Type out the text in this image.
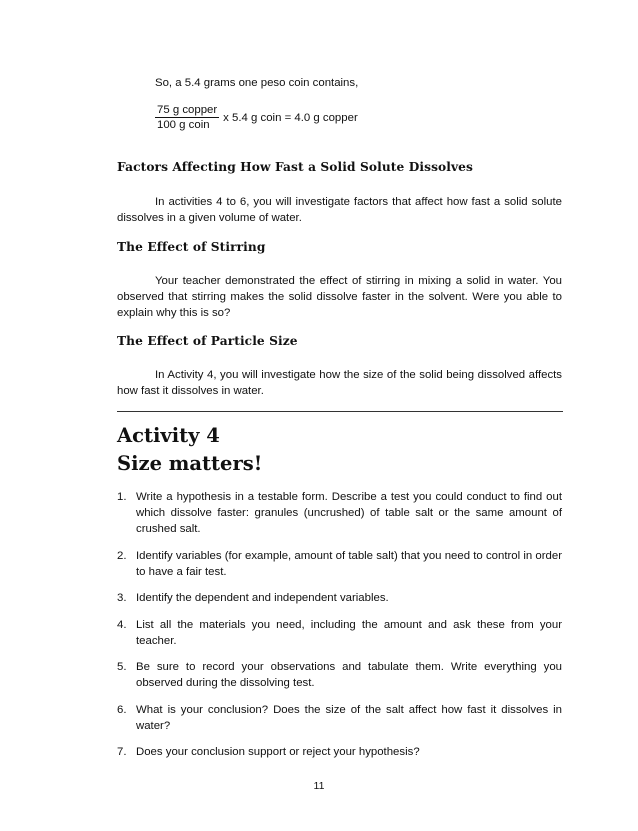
So, a 5.4 grams one peso coin contains,
$\frac{\text{75 g copper}}{\text{100 g coin}}$ x 5.4 g coin = 4.0 g copper
Factors Affecting How Fast a Solid Solute Dissolves
In activities 4 to 6, you will investigate factors that affect how fast a solid solute dissolves in a given volume of water.
The Effect of Stirring
Your teacher demonstrated the effect of stirring in mixing a solid in water. You observed that stirring makes the solid dissolve faster in the solvent. Were you able to explain why this is so?
The Effect of Particle Size
In Activity 4, you will investigate how the size of the solid being dissolved affects how fast it dissolves in water.
Activity 4
Size matters!
1. Write a hypothesis in a testable form. Describe a test you could conduct to find out which dissolve faster: granules (uncrushed) of table salt or the same amount of crushed salt.
2. Identify variables (for example, amount of table salt) that you need to control in order to have a fair test.
3. Identify the dependent and independent variables.
4. List all the materials you need, including the amount and ask these from your teacher.
5. Be sure to record your observations and tabulate them. Write everything you observed during the dissolving test.
6. What is your conclusion? Does the size of the salt affect how fast it dissolves in water?
7. Does your conclusion support or reject your hypothesis?
11
